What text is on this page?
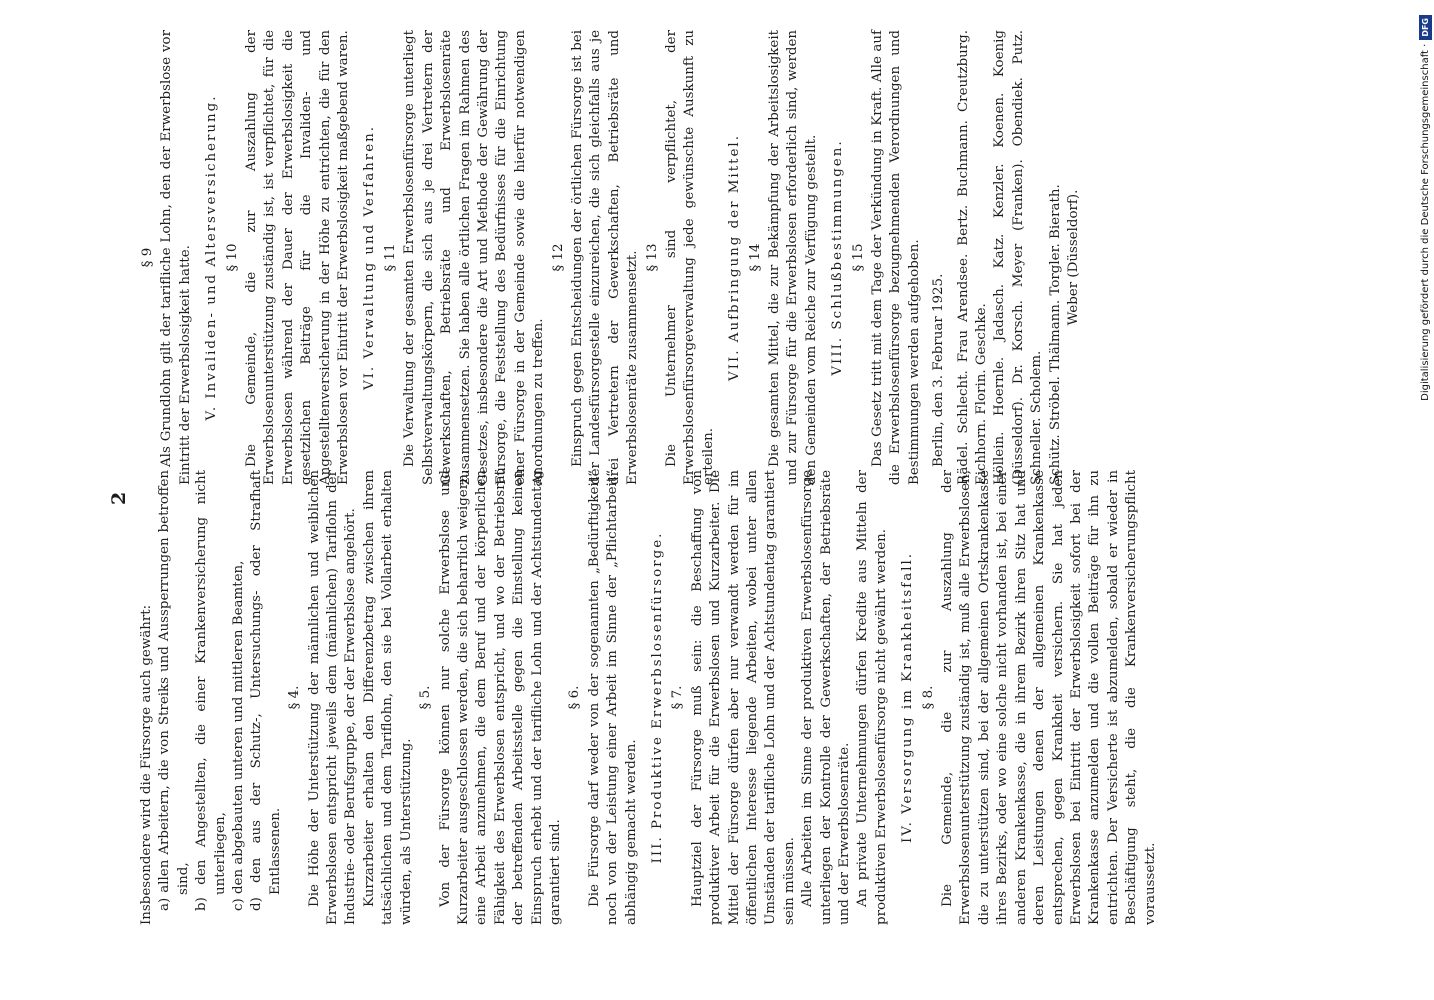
2

Insbesondere wird die Fürsorge auch gewährt: a) allen Arbeitern, die von Streiks und Aussperrungen betroffen sind, b) den Angestellten, die einer Krankenversicherung nicht unterliegen, c) den abgebauten unteren und mittleren Beamten, d) den aus der Schutz-, Untersuchungs- oder Strafhaft Entlassenen.

§ 4. Die Höhe der Unterstützung der männlichen und weiblichen Erwerbslosen entspricht jeweils dem (männlichen) Tariflohn der Industrie- oder Berufsgruppe, der der Erwerbslose angehört. Kurzarbeiter erhalten den Differenzbetrag zwischen ihrem tatsächlichen und dem Tariflohn, den sie bei Vollarbeit erhalten würden, als Unterstützung.

§ 5. Von der Fürsorge können nur solche Erwerbslose und Kurzarbeiter ausgeschlossen werden, die sich beharrlich weigern, eine Arbeit anzunehmen, die dem Beruf und der körperlichen Fähigkeit des Erwerbslosen entspricht, und wo der Betriebsrat der betreffenden Arbeitsstelle gegen die Einstellung keinen Einspruch erhebt und der tarifliche Lohn und der Achtstundentag garantiert sind.

§ 6. Die Fürsorge darf weder von der sogenannten „Bedürftigkeit“ noch von der Leistung einer Arbeit im Sinne der „Pflichtarbeit“ abhängig gemacht werden. III. Produktive Erwerbslosenfürsorge. § 7. Hauptziel der Fürsorge muß sein: die Beschaffung von produktiver Arbeit für die Erwerbslosen und Kurzarbeiter. Die Mittel der Fürsorge dürfen aber nur verwandt werden für im öffentlichen Interesse liegende Arbeiten, wobei unter allen Umständen der tarifliche Lohn und der Achtstundentag garantiert sein müssen. Alle Arbeiten im Sinne der produktiven Erwerbslosenfürsorge unterliegen der Kontrolle der Gewerkschaften, der Betriebsräte und der Erwerbslosenräte. An private Unternehmungen dürfen Kredite aus Mitteln der produktiven Erwerbslosenfürsorge nicht gewährt werden. IV. Versorgung im Krankheitsfall. § 8. Die Gemeinde, die zur Auszahlung der Erwerbslosenunterstützung zuständig ist, muß alle Erwerbslosen, die zu unterstützen sind, bei der allgemeinen Ortskrankenkasse ihres Bezirks, oder wo eine solche nicht vorhanden ist, bei einer anderen Krankenkasse, die in ihrem Bezirk ihren Sitz hat und deren Leistungen denen der allgemeinen Krankenkasse entsprechen, gegen Krankheit versichern. Sie hat jeden Erwerbslosen bei Eintritt der Erwerbslosigkeit sofort bei der Krankenkasse anzumelden und die vollen Beiträge für ihn zu entrichten. Der Versicherte ist abzumelden, sobald er wieder in Beschäftigung steht, die die Krankenversicherungspflicht voraussetzt.

§ 9 Als Grundlohn gilt der tarifliche Lohn, den der Erwerbslose vor Eintritt der Erwerbslosigkeit hatte. V. Invaliden- und Altersversicherung. § 10 Die Gemeinde, die zur Auszahlung der Erwerbslosenunterstützung zuständig ist, ist verpflichtet, für die Erwerbslosen während der Dauer der Erwerbslosigkeit die gesetzlichen Beiträge für die Invaliden- und Angestelltenversicherung in der Höhe zu entrichten, die für den Erwerbslosen vor Eintritt der Erwerbslosigkeit maßgebend waren. VI. Verwaltung und Verfahren. § 11 Die Verwaltung der gesamten Erwerbslosenfürsorge unterliegt Selbstverwaltungskörpern, die sich aus je drei Vertretern der Gewerkschaften, Betriebsräte und Erwerbslosenräte zusammensetzen. Sie haben alle örtlichen Fragen im Rahmen des Gesetzes, insbesondere die Art und Methode der Gewährung der Fürsorge, die Feststellung des Bedürfnisses für die Einrichtung einer Fürsorge in der Gemeinde sowie die hierfür notwendigen Anordnungen zu treffen.

§ 12 Einspruch gegen Entscheidungen der örtlichen Fürsorge ist bei der Landesfürsorgestelle einzureichen, die sich gleichfalls aus je drei Vertretern der Gewerkschaften, Betriebsräte und Erwerbslosenräte zusammensetzt. § 13 Die Unternehmer sind verpflichtet, der Erwerbslosenfürsorgeverwaltung jede gewünschte Auskunft zu erteilen.

VII. Aufbringung der Mittel. § 14 Die gesamten Mittel, die zur Bekämpfung der Arbeitslosigkeit und zur Fürsorge für die Erwerbslosen erforderlich sind, werden den Gemeinden vom Reiche zur Verfügung gestellt. VIII. Schlußbestimmungen. § 15 Das Gesetz tritt mit dem Tage der Verkündung in Kraft. Alle auf die Erwerbslosenfürsorge bezugnehmenden Verordnungen und Bestimmungen werden aufgehoben. Berlin, den 3. Februar 1925. Rädel. Schlecht. Frau Arendsee. Bertz. Buchmann. Creutzburg. Eichhorn. Florin. Geschke. Höllein. Hoernle. Jadasch. Katz. Kenzler. Koenen. Koenig (Düsseldorf). Dr. Korsch. Meyer (Franken). Obendiek. Putz. Schneller. Scholem. Schütz. Ströbel. Thälmann. Torgler. Bierath. Weber (Düsseldorf).	Digitalisierung gefördert durch die Deutsche Forschungsgemeinschaft ·DFG
